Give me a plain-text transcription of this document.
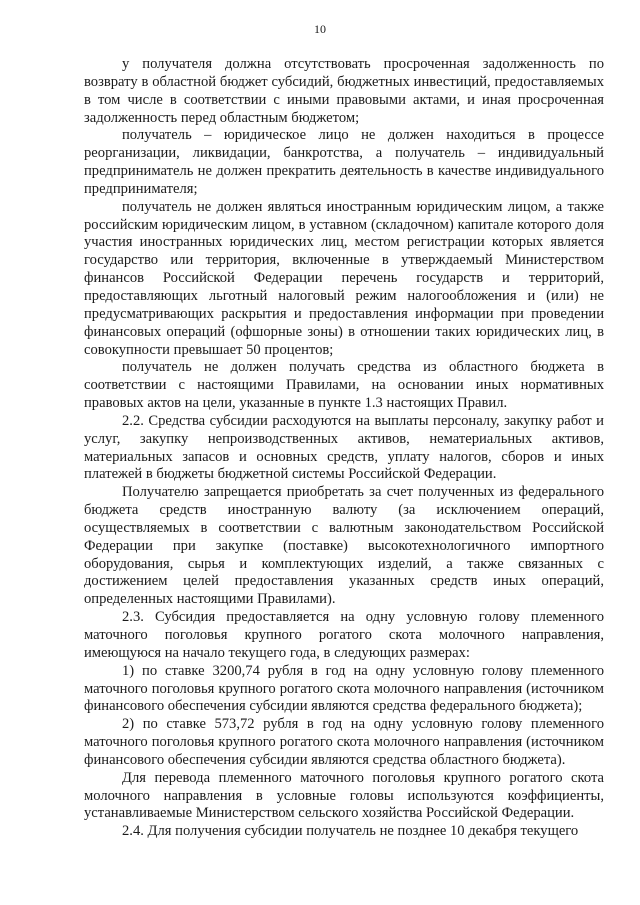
10

у получателя должна отсутствовать просроченная задолженность по возврату в областной бюджет субсидий, бюджетных инвестиций, предоставляемых в том числе в соответствии с иными правовыми актами, и иная просроченная задолженность перед областным бюджетом;

получатель – юридическое лицо не должен находиться в процессе реорганизации, ликвидации, банкротства, а получатель – индивидуальный предприниматель не должен прекратить деятельность в качестве индивидуального предпринимателя;

получатель не должен являться иностранным юридическим лицом, а также российским юридическим лицом, в уставном (складочном) капитале которого доля участия иностранных юридических лиц, местом регистрации которых является государство или территория, включенные в утверждаемый Министерством финансов Российской Федерации перечень государств и территорий, предоставляющих льготный налоговый режим налогообложения и (или) не предусматривающих раскрытия и предоставления информации при проведении финансовых операций (офшорные зоны) в отношении таких юридических лиц, в совокупности превышает 50 процентов;

получатель не должен получать средства из областного бюджета в соответствии с настоящими Правилами, на основании иных нормативных правовых актов на цели, указанные в пункте 1.3 настоящих Правил.

2.2. Средства субсидии расходуются на выплаты персоналу, закупку работ и услуг, закупку непроизводственных активов, нематериальных активов, материальных запасов и основных средств, уплату налогов, сборов и иных платежей в бюджеты бюджетной системы Российской Федерации.

Получателю запрещается приобретать за счет полученных из федерального бюджета средств иностранную валюту (за исключением операций, осуществляемых в соответствии с валютным законодательством Российской Федерации при закупке (поставке) высокотехнологичного импортного оборудования, сырья и комплектующих изделий, а также связанных с достижением целей предоставления указанных средств иных операций, определенных настоящими Правилами).

2.3. Субсидия предоставляется на одну условную голову племенного маточного поголовья крупного рогатого скота молочного направления, имеющуюся на начало текущего года, в следующих размерах:

1) по ставке 3200,74 рубля в год на одну условную голову племенного маточного поголовья крупного рогатого скота молочного направления (источником финансового обеспечения субсидии являются средства федерального бюджета);

2) по ставке 573,72 рубля в год на одну условную голову племенного маточного поголовья крупного рогатого скота молочного направления (источником финансового обеспечения субсидии являются средства областного бюджета).

Для перевода племенного маточного поголовья крупного рогатого скота молочного направления в условные головы используются коэффициенты, устанавливаемые Министерством сельского хозяйства Российской Федерации.

2.4. Для получения субсидии получатель не позднее 10 декабря текущего
